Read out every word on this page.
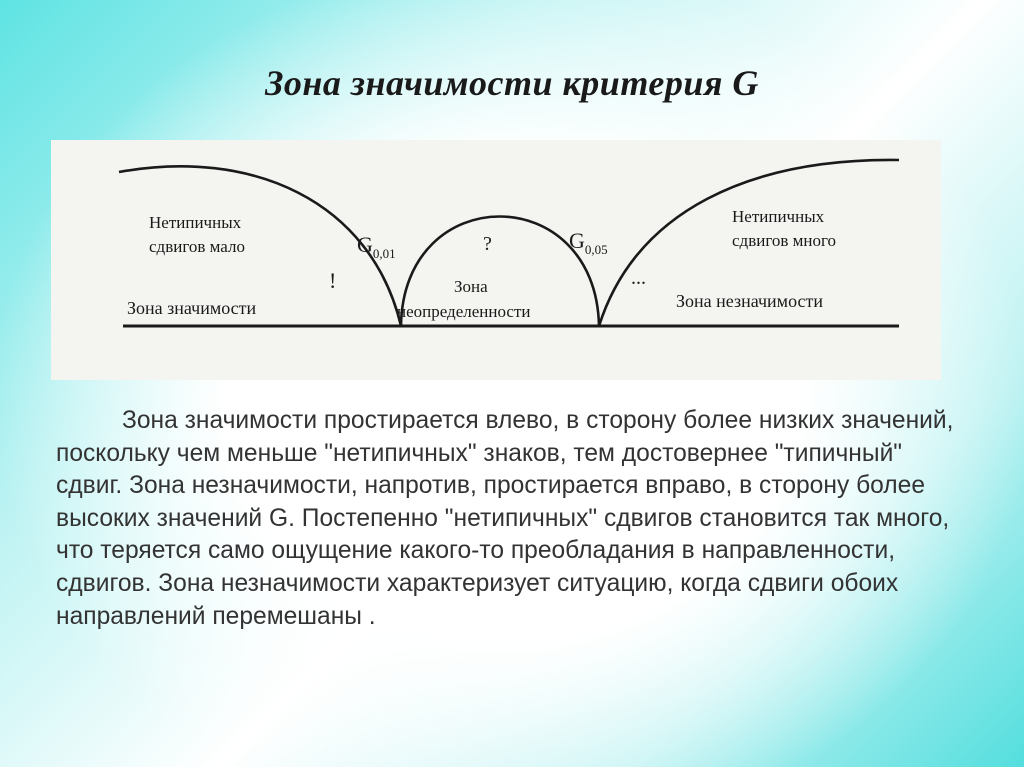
Зона значимости критерия G
Нетипичных
сдвигов мало
Нетипичных
сдвигов много
$G_{0,01}$
$G_{0,05}$
?
!	...
Зона значимости
Зона
неопределенности
Зона незначимости

Зона значимости простирается влево, в сторону более низких значений, поскольку чем меньше "нетипичных" знаков, тем достовернее "типичный" сдвиг. Зона незначимости, напротив, простирается вправо, в сторону более высоких значений G. Постепенно "нетипичных" сдвигов становится так много, что теряется само ощущение какого-то преобладания в направленности, сдвигов. Зона незначимости характеризует ситуацию, когда сдвиги обоих направлений перемешаны .
